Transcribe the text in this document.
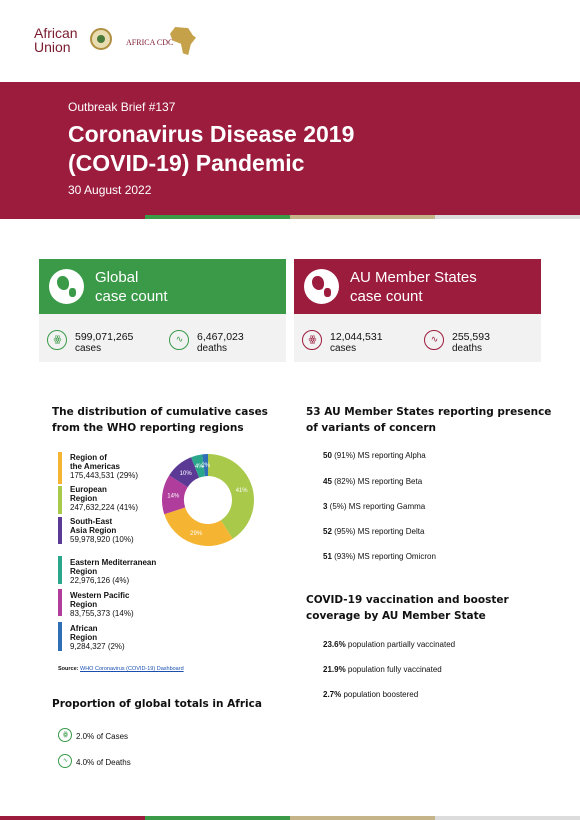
African
Union	AFRICA CDC
Outbreak Brief #137
Coronavirus Disease 2019
(COVID-19) Pandemic
30 August 2022
Global
case count
ꙮ	599,071,265
cases
∿	6,467,023
deaths
AU Member States
case count
ꙮ	12,044,531
cases
∿	255,593
deaths
The distribution of cumulative cases
from the WHO reporting regions
Region of
the Americas
175,443,531 (29%)
European
Region
247,632,224 (41%)
South-East
Asia Region
59,978,920 (10%)
Eastern Mediterranean
Region
22,976,126 (4%)
Western Pacific
Region
83,755,373 (14%)
African
Region
9,284,327 (2%)
41%
29%
14%
10%
4%
2%
Source: WHO Coronavirus (COVID-19) Dashboard
Proportion of global totals in Africa
ꙮ	2.0% of Cases
∿	4.0% of Deaths
53 AU Member States reporting presence
of variants of concern
50 (91%) MS reporting Alpha
45 (82%) MS reporting Beta
3 (5%) MS reporting Gamma
52 (95%) MS reporting Delta
51 (93%) MS reporting Omicron
COVID-19 vaccination and booster
coverage by AU Member State
23.6% population partially vaccinated
21.9% population fully vaccinated
2.7% population boostered
